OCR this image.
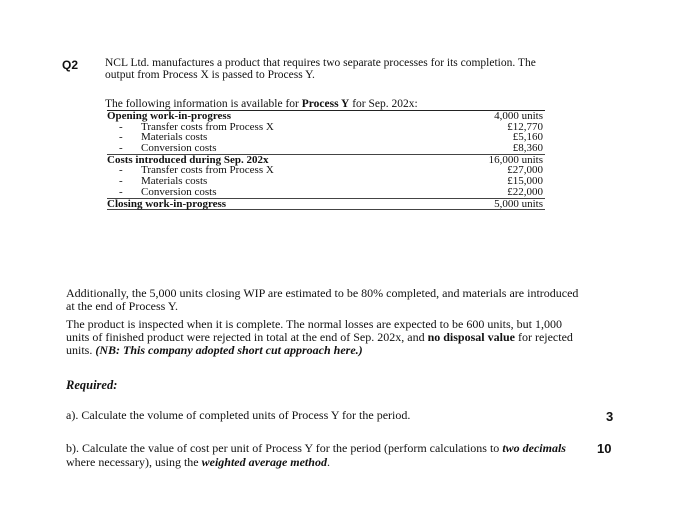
Q2 NCL Ltd. manufactures a product that requires two separate processes for its completion. The output from Process X is passed to Process Y.
The following information is available for Process Y for Sep. 202x:
Opening work-in-progress	4,000 units
- Transfer costs from Process X	£12,770
- Materials costs	£5,160
- Conversion costs	£8,360
Costs introduced during Sep. 202x	16,000 units
- Transfer costs from Process X	£27,000
- Materials costs	£15,000
- Conversion costs	£22,000
Closing work-in-progress	5,000 units
Additionally, the 5,000 units closing WIP are estimated to be 80% completed, and materials are introduced at the end of Process Y.
The product is inspected when it is complete. The normal losses are expected to be 600 units, but 1,000 units of finished product were rejected in total at the end of Sep. 202x, and no disposal value for rejected units. (NB: This company adopted short cut approach here.)
Required:
a). Calculate the volume of completed units of Process Y for the period.	3
b). Calculate the value of cost per unit of Process Y for the period (perform calculations to two decimals where necessary), using the weighted average method.
10
